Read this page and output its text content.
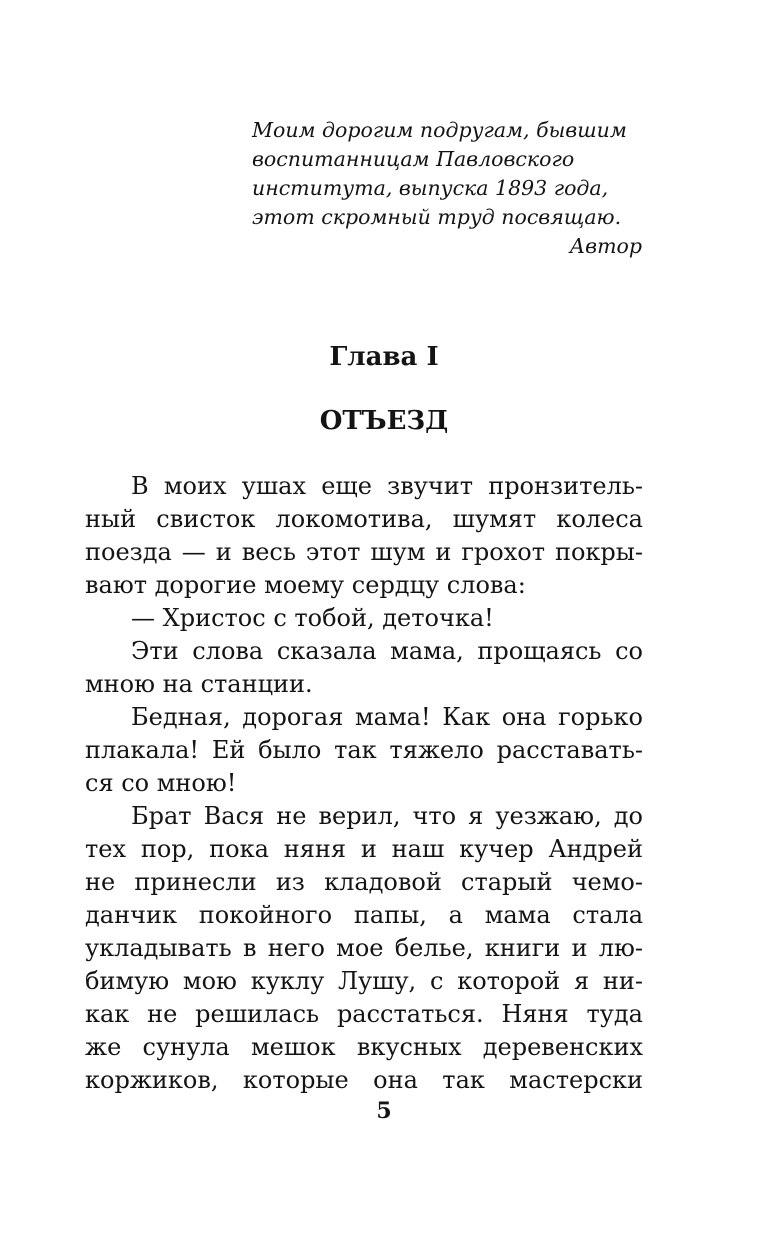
Моим дорогим подругам, бывшим
воспитанницам Павловского
института, выпуска 1893 года,
этот скромный труд посвящаю.
Автор
Глава I
ОТЪЕЗД
В моих ушах еще звучит пронзитель-
ный свисток локомотива, шумят колеса
поезда — и весь этот шум и грохот покры-
вают дорогие моему сердцу слова:
— Христос с тобой, деточка!
Эти слова сказала мама, прощаясь со
мною на станции.
Бедная, дорогая мама! Как она горько
плакала! Ей было так тяжело расставать-
ся со мною!
Брат Вася не верил, что я уезжаю, до
тех пор, пока няня и наш кучер Андрей
не принесли из кладовой старый чемо-
данчик покойного папы, а мама стала
укладывать в него мое белье, книги и лю-
бимую мою куклу Лушу, с которой я ни-
как не решилась расстаться. Няня туда
же сунула мешок вкусных деревенских
коржиков, которые она так мастерски
5
